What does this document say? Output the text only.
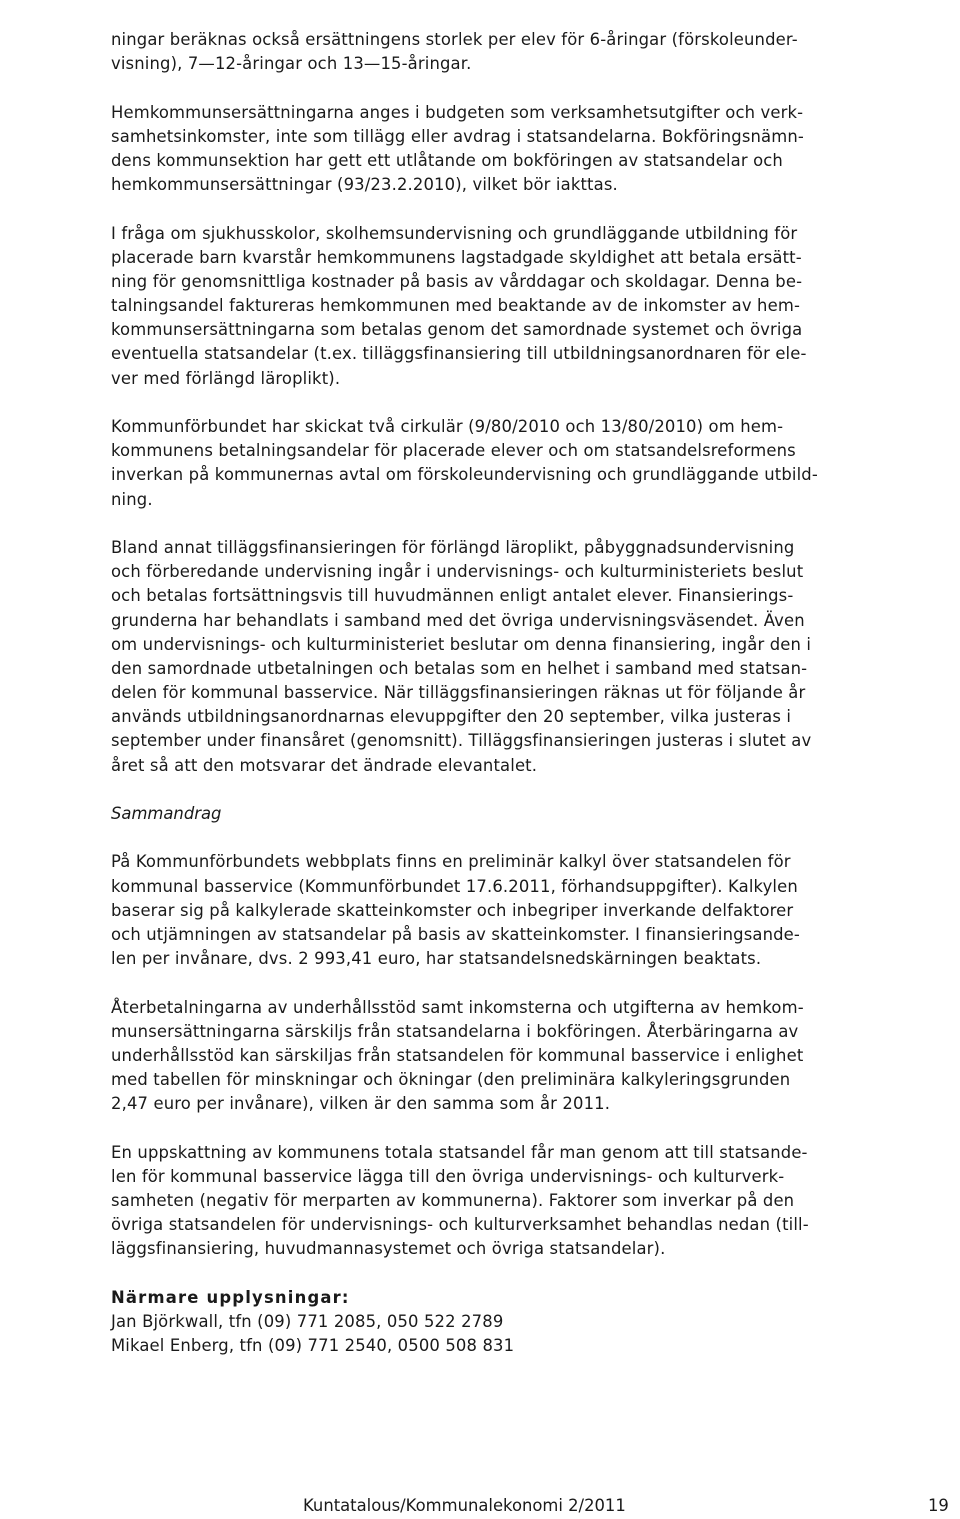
ningar beräknas också ersättningens storlek per elev för 6-åringar (förskoleunder-
visning), 7—12-åringar och 13—15-åringar.
Hemkommunsersättningarna anges i budgeten som verksamhetsutgifter och verk-
samhetsinkomster, inte som tillägg eller avdrag i statsandelarna. Bokföringsnämn-
dens kommunsektion har gett ett utlåtande om bokföringen av statsandelar och
hemkommunsersättningar (93/23.2.2010), vilket bör iakttas.
I fråga om sjukhusskolor, skolhemsundervisning och grundläggande utbildning för
placerade barn kvarstår hemkommunens lagstadgade skyldighet att betala ersätt-
ning för genomsnittliga kostnader på basis av vårddagar och skoldagar. Denna be-
talningsandel faktureras hemkommunen med beaktande av de inkomster av hem-
kommunsersättningarna som betalas genom det samordnade systemet och övriga
eventuella statsandelar (t.ex. tilläggsfinansiering till utbildningsanordnaren för ele-
ver med förlängd läroplikt).
Kommunförbundet har skickat två cirkulär (9/80/2010 och 13/80/2010) om hem-
kommunens betalningsandelar för placerade elever och om statsandelsreformens
inverkan på kommunernas avtal om förskoleundervisning och grundläggande utbild-
ning.
Bland annat tilläggsfinansieringen för förlängd läroplikt, påbyggnadsundervisning
och förberedande undervisning ingår i undervisnings- och kulturministeriets beslut
och betalas fortsättningsvis till huvudmännen enligt antalet elever. Finansierings-
grunderna har behandlats i samband med det övriga undervisningsväsendet. Även
om undervisnings- och kulturministeriet beslutar om denna finansiering, ingår den i
den samordnade utbetalningen och betalas som en helhet i samband med statsan-
delen för kommunal basservice. När tilläggsfinansieringen räknas ut för följande år
används utbildningsanordnarnas elevuppgifter den 20 september, vilka justeras i
september under finansåret (genomsnitt). Tilläggsfinansieringen justeras i slutet av
året så att den motsvarar det ändrade elevantalet.
Sammandrag
På Kommunförbundets webbplats finns en preliminär kalkyl över statsandelen för
kommunal basservice (Kommunförbundet 17.6.2011, förhandsuppgifter). Kalkylen
baserar sig på kalkylerade skatteinkomster och inbegriper inverkande delfaktorer
och utjämningen av statsandelar på basis av skatteinkomster. I finansieringsande-
len per invånare, dvs. 2 993,41 euro, har statsandelsnedskärningen beaktats.
Återbetalningarna av underhållsstöd samt inkomsterna och utgifterna av hemkom-
munsersättningarna särskiljs från statsandelarna i bokföringen. Återbäringarna av
underhållsstöd kan särskiljas från statsandelen för kommunal basservice i enlighet
med tabellen för minskningar och ökningar (den preliminära kalkyleringsgrunden
2,47 euro per invånare), vilken är den samma som år 2011.
En uppskattning av kommunens totala statsandel får man genom att till statsande-
len för kommunal basservice lägga till den övriga undervisnings- och kulturverk-
samheten (negativ för merparten av kommunerna). Faktorer som inverkar på den
övriga statsandelen för undervisnings- och kulturverksamhet behandlas nedan (till-
läggsfinansiering, huvudmannasystemet och övriga statsandelar).
Närmare upplysningar:
Jan Björkwall, tfn (09) 771 2085, 050 522 2789
Mikael Enberg, tfn (09) 771 2540, 0500 508 831
Kuntatalous/Kommunalekonomi 2/2011	19
